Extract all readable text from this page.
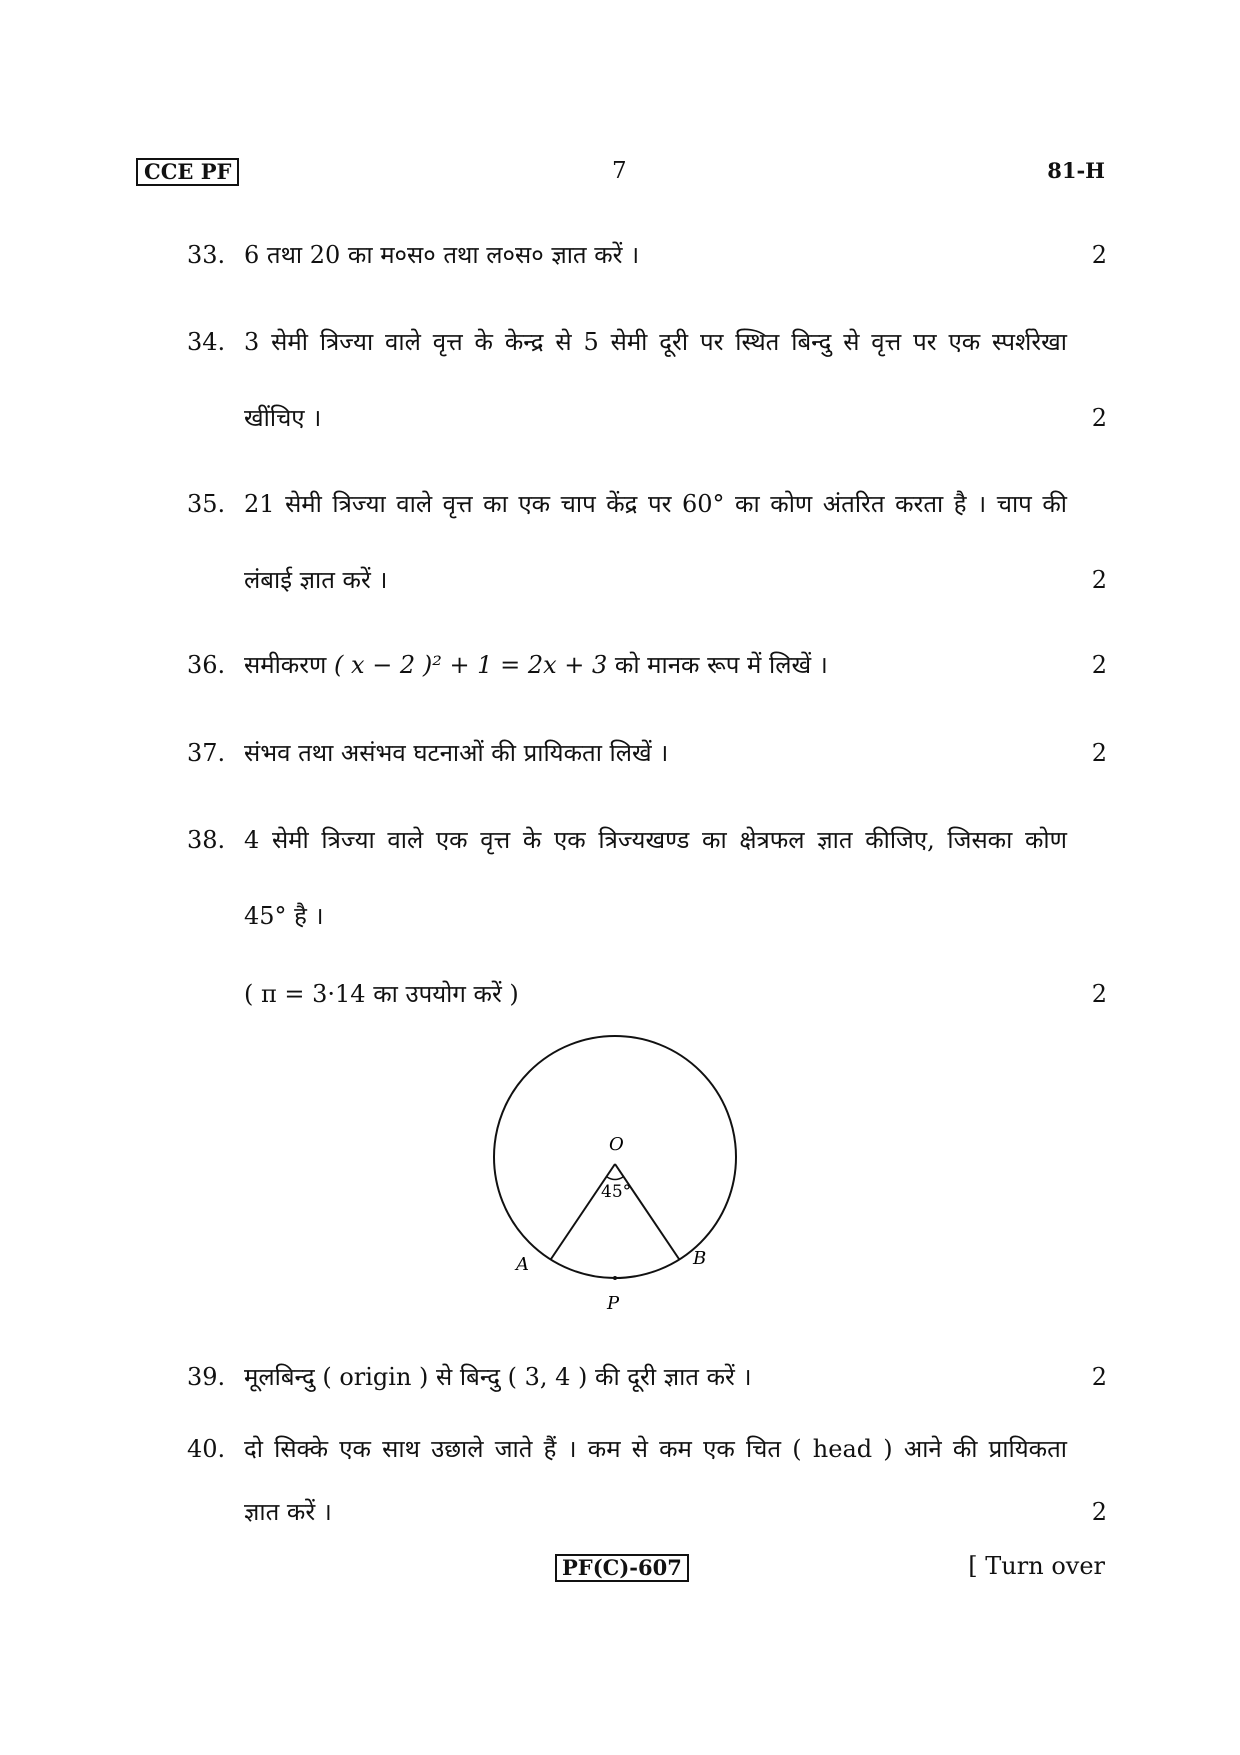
CCE PF	7	81-H
33. 6 तथा 20 का म०स० तथा ल०स० ज्ञात करें ।	2
34. 3 सेमी त्रिज्या वाले वृत्त के केन्द्र से 5 सेमी दूरी पर स्थित बिन्दु से वृत्त पर एक स्पर्शरेखा
खींचिए ।	2
35. 21 सेमी त्रिज्या वाले वृत्त का एक चाप केंद्र पर 60° का कोण अंतरित करता है । चाप की
लंबाई ज्ञात करें ।	2
36. समीकरण ( x − 2 )² + 1 = 2x + 3 को मानक रूप में लिखें ।	2
37. संभव तथा असंभव घटनाओं की प्रायिकता लिखें ।	2
38. 4 सेमी त्रिज्या वाले एक वृत्त के एक त्रिज्यखण्ड का क्षेत्रफल ज्ञात कीजिए, जिसका कोण
45° है ।
( π = 3·14 का उपयोग करें )	2
O
45°
A	B
P
39. मूलबिन्दु ( origin ) से बिन्दु ( 3, 4 ) की दूरी ज्ञात करें ।	2
40. दो सिक्के एक साथ उछाले जाते हैं । कम से कम एक चित ( head ) आने की प्रायिकता
ज्ञात करें ।	2
PF(C)-607	[ Turn over
